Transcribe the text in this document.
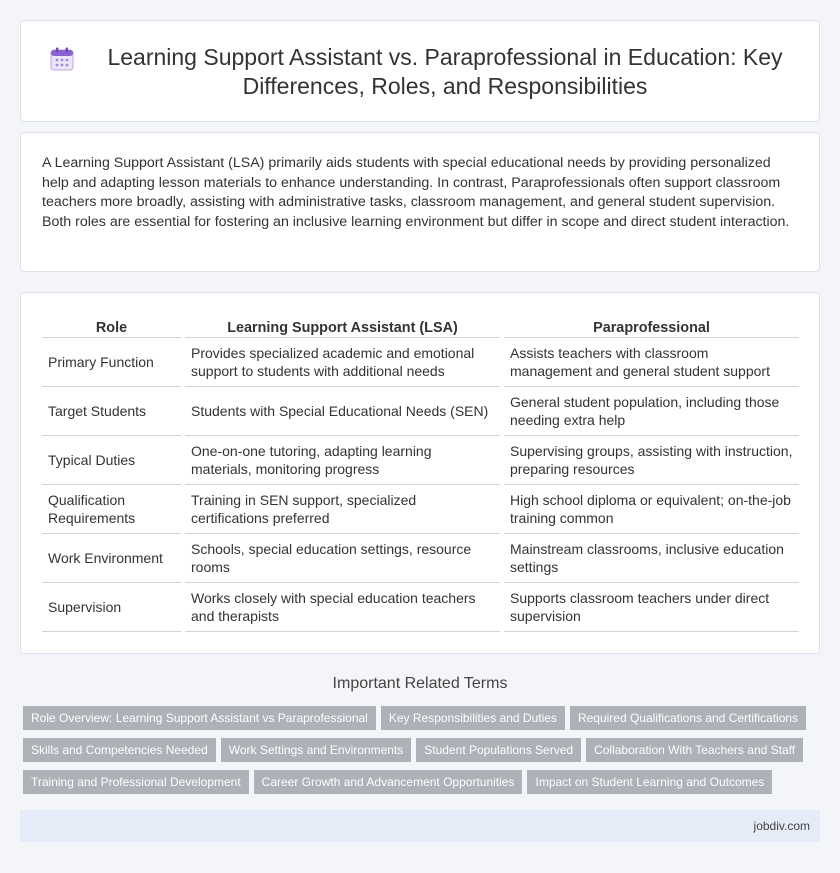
Learning Support Assistant vs. Paraprofessional in Education: Key Differences, Roles, and Responsibilities

A Learning Support Assistant (LSA) primarily aids students with special educational needs by providing personalized help and adapting lesson materials to enhance understanding. In contrast, Paraprofessionals often support classroom teachers more broadly, assisting with administrative tasks, classroom management, and general student supervision. Both roles are essential for fostering an inclusive learning environment but differ in scope and direct student interaction.

Role	Learning Support Assistant (LSA)	Paraprofessional
Primary Function	Provides specialized academic and emotional support to students with additional needs	Assists teachers with classroom management and general student support
Target Students	Students with Special Educational Needs (SEN)	General student population, including those needing extra help
Typical Duties	One-on-one tutoring, adapting learning materials, monitoring progress	Supervising groups, assisting with instruction, preparing resources
Qualification Requirements	Training in SEN support, specialized certifications preferred	High school diploma or equivalent; on-the-job training common
Work Environment	Schools, special education settings, resource rooms	Mainstream classrooms, inclusive education settings
Supervision	Works closely with special education teachers and therapists	Supports classroom teachers under direct supervision
Important Related Terms
Role Overview: Learning Support Assistant vs Paraprofessional Key Responsibilities and Duties Required Qualifications and Certifications
Skills and Competencies Needed Work Settings and Environments Student Populations Served Collaboration With Teachers and Staff
Training and Professional Development Career Growth and Advancement Opportunities Impact on Student Learning and Outcomes
jobdiv.com
